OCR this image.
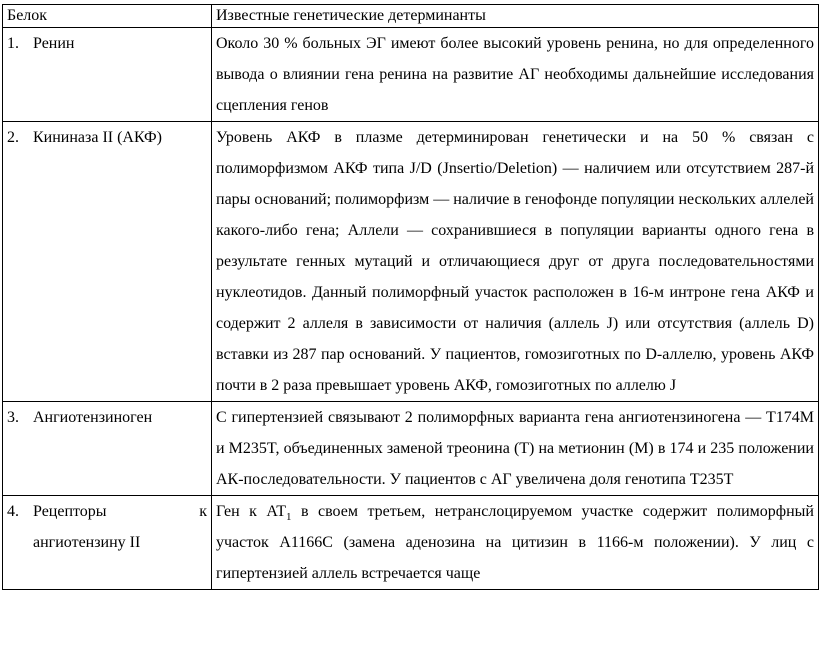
Белок	Известные генетические детерминанты
1. Ренин	Около 30 % больных ЭГ имеют более высокий уровень ренина, но для определенного вывода о влиянии гена ренина на развитие АГ необходимы дальнейшие исследования сцепления генов
2. Кининаза II (АКФ)	Уровень АКФ в плазме детерминирован генетически и на 50 % связан с полиморфизмом АКФ типа J/D (Jnsertio/Deletion) — наличием или отсутствием 287-й пары оснований; полиморфизм — наличие в генофонде популяции нескольких аллелей какого-либо гена; Аллели — сохранившиеся в популяции варианты одного гена в результате генных мутаций и отличающиеся друг от друга последовательностями нуклеотидов. Данный полиморфный участок расположен в 16-м интроне гена АКФ и содержит 2 аллеля в зависимости от наличия (аллель J) или отсутствия (аллель D) вставки из 287 пар оснований. У пациентов, гомозиготных по D-аллелю, уровень АКФ почти в 2 раза превышает уровень АКФ, гомозиготных по аллелю J
3. Ангиотензиноген	С гипертензией связывают 2 полиморфных варианта гена ангиотензиногена — T174M и M235T, объединенных заменой треонина (T) на метионин (M) в 174 и 235 положении АК-последовательности. У пациентов с АГ увеличена доля генотипа T235T

4. Рецепторы к ангиотензину II	Ген к $AT_1$ в своем третьем, нетранслоцируемом участке содержит полиморфный участок A1166C (замена аденозина на цитизин в 1166-м положении). У лиц с гипертензией аллель встречается чаще
